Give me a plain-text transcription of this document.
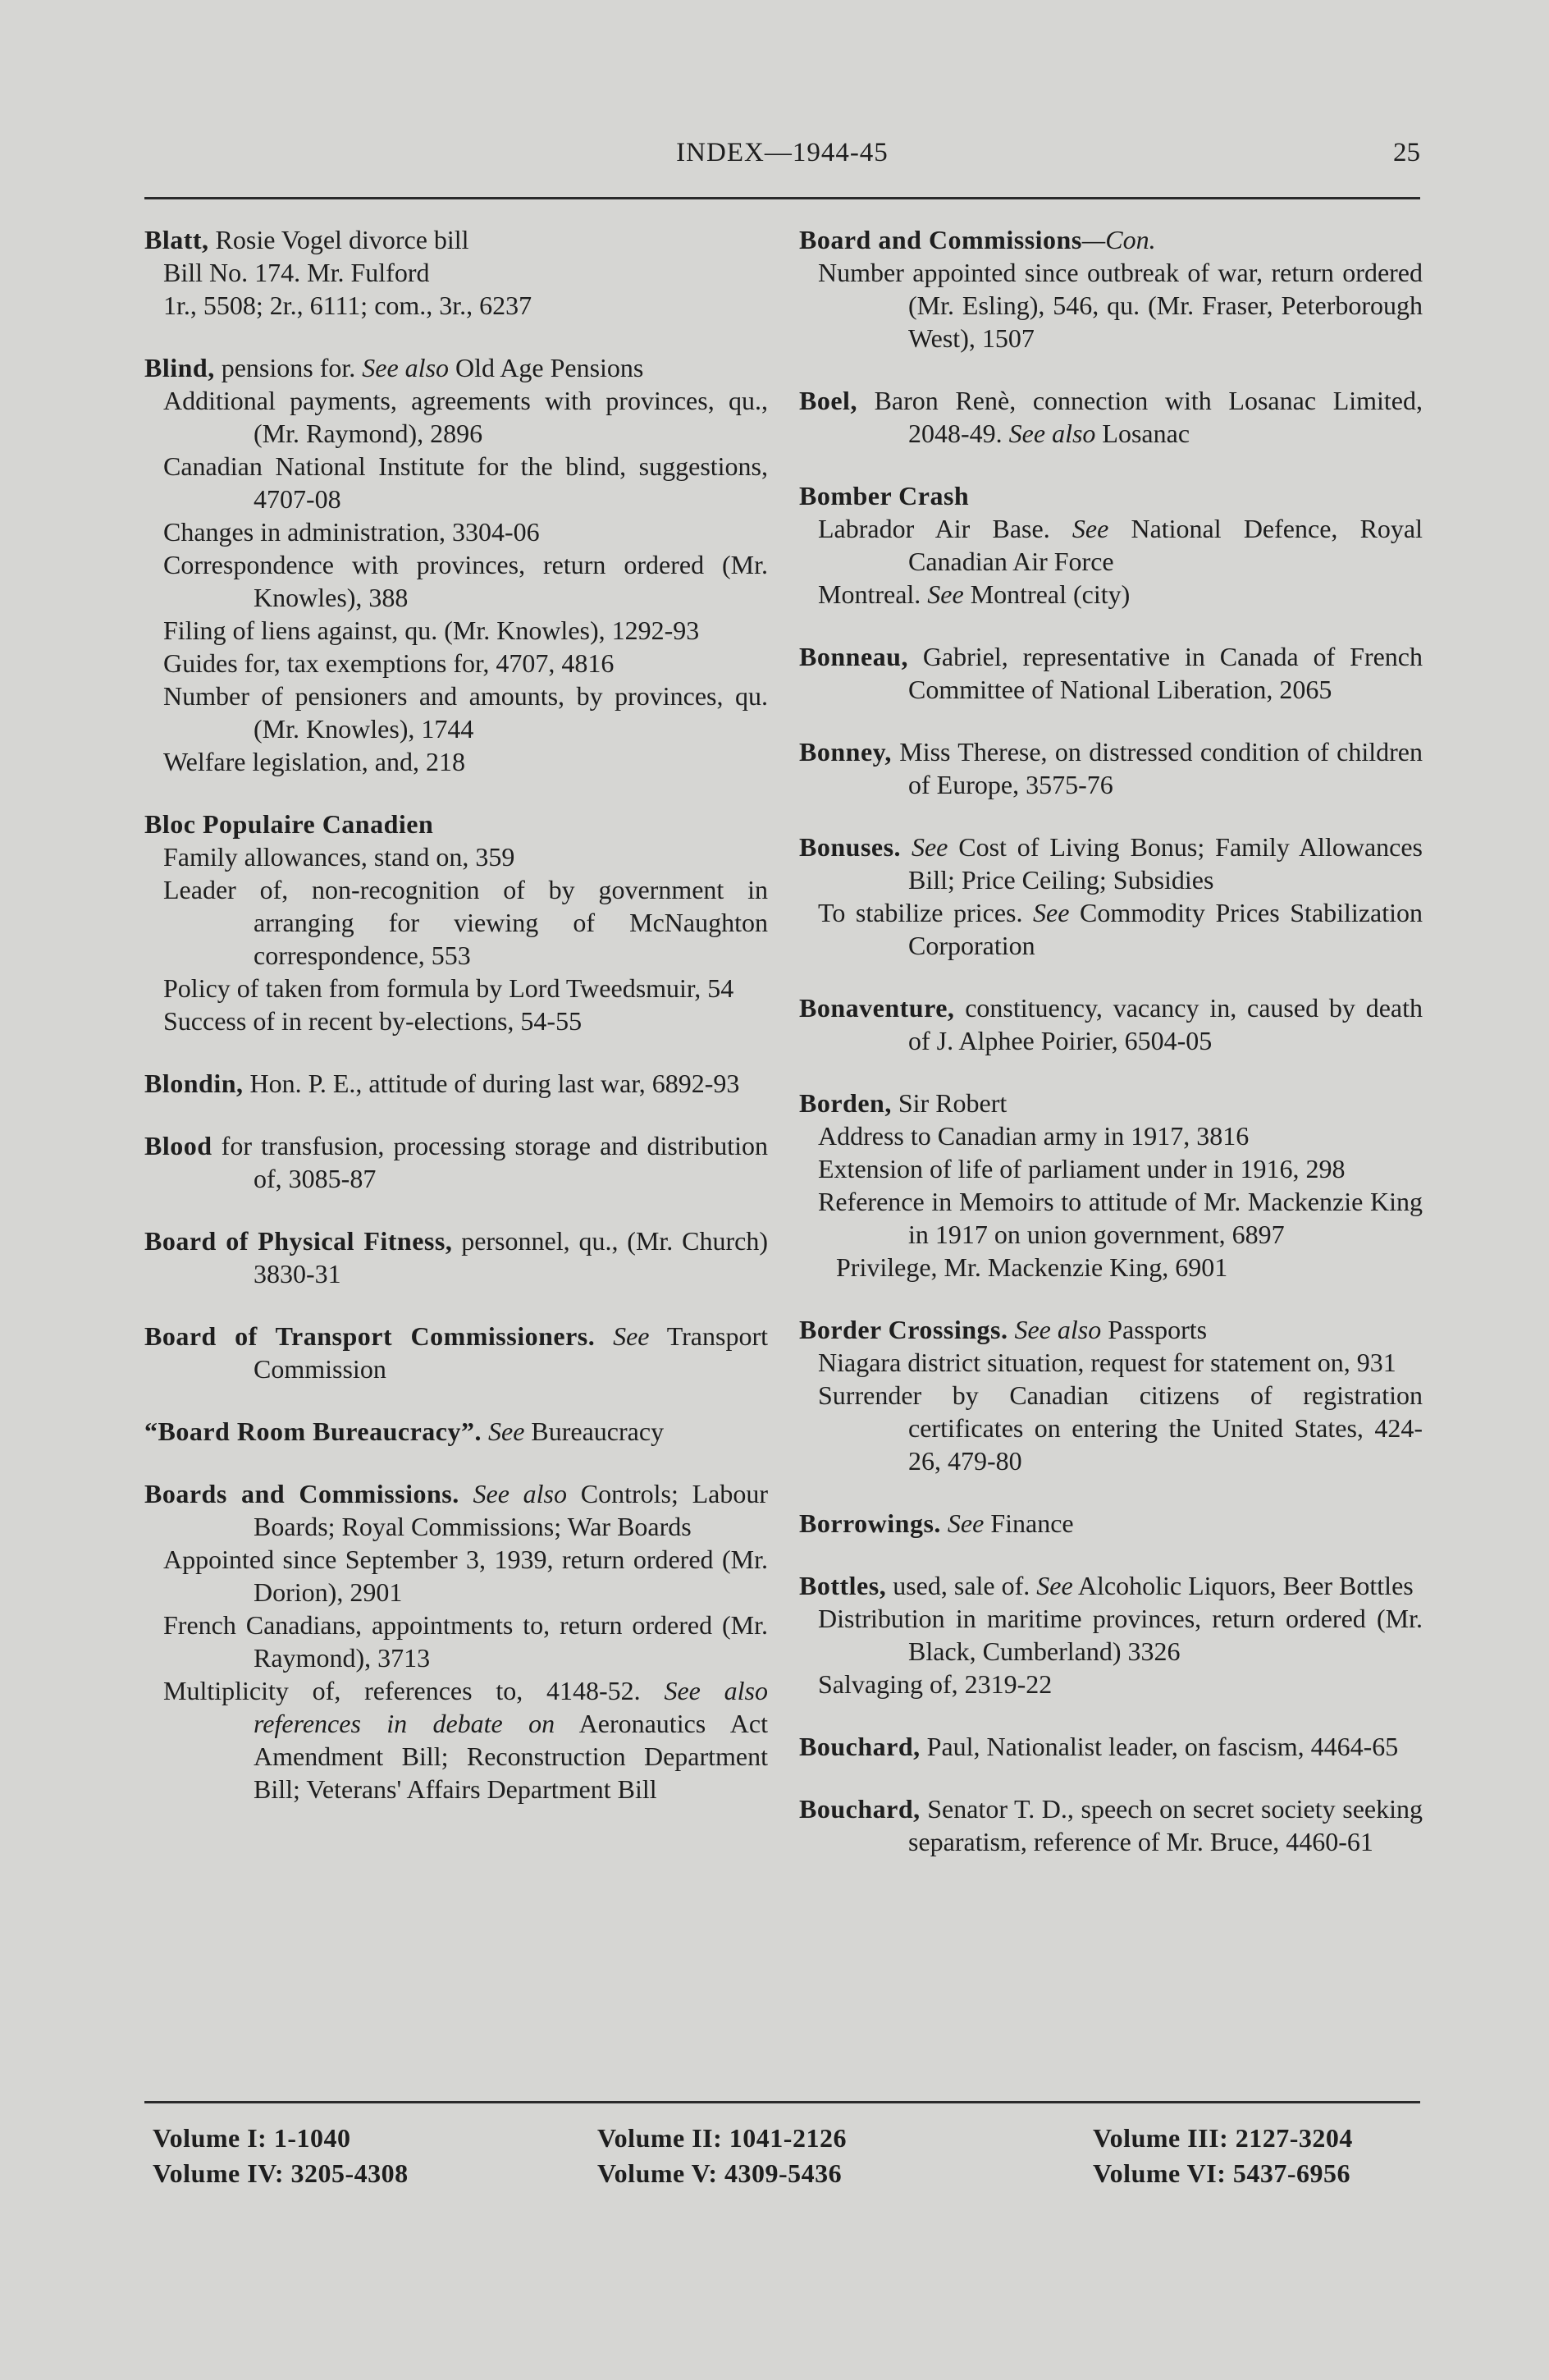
INDEX—1944-45	25
Blatt, Rosie Vogel divorce bill
Bill No. 174. Mr. Fulford
1r., 5508; 2r., 6111; com., 3r., 6237
Blind, pensions for. See also Old Age Pensions
Additional payments, agreements with provinces, qu., (Mr. Raymond), 2896
Canadian National Institute for the blind, suggestions, 4707-08
Changes in administration, 3304-06
Correspondence with provinces, return ordered (Mr. Knowles), 388
Filing of liens against, qu. (Mr. Knowles), 1292-93
Guides for, tax exemptions for, 4707, 4816
Number of pensioners and amounts, by provinces, qu. (Mr. Knowles), 1744
Welfare legislation, and, 218
Bloc Populaire Canadien
Family allowances, stand on, 359
Leader of, non-recognition of by government in arranging for viewing of McNaughton correspondence, 553
Policy of taken from formula by Lord Tweedsmuir, 54
Success of in recent by-elections, 54-55
Blondin, Hon. P. E., attitude of during last war, 6892-93
Blood for transfusion, processing storage and distribution of, 3085-87
Board of Physical Fitness, personnel, qu., (Mr. Church) 3830-31
Board of Transport Commissioners. See Transport Commission
“Board Room Bureaucracy”. See Bureaucracy
Boards and Commissions. See also Controls; Labour Boards; Royal Commissions; War Boards
Appointed since September 3, 1939, return ordered (Mr. Dorion), 2901
French Canadians, appointments to, return ordered (Mr. Raymond), 3713
Multiplicity of, references to, 4148-52. See also references in debate on Aeronautics Act Amendment Bill; Reconstruction Department Bill; Veterans' Affairs Department Bill
Board and Commissions—Con.
Number appointed since outbreak of war, return ordered (Mr. Esling), 546, qu. (Mr. Fraser, Peterborough West), 1507
Boel, Baron Renè, connection with Losanac Limited, 2048-49. See also Losanac
Bomber Crash
Labrador Air Base. See National Defence, Royal Canadian Air Force
Montreal. See Montreal (city)
Bonneau, Gabriel, representative in Canada of French Committee of National Liberation, 2065
Bonney, Miss Therese, on distressed condition of children of Europe, 3575-76
Bonuses. See Cost of Living Bonus; Family Allowances Bill; Price Ceiling; Subsidies
To stabilize prices. See Commodity Prices Stabilization Corporation
Bonaventure, constituency, vacancy in, caused by death of J. Alphee Poirier, 6504-05
Borden, Sir Robert
Address to Canadian army in 1917, 3816
Extension of life of parliament under in 1916, 298
Reference in Memoirs to attitude of Mr. Mackenzie King in 1917 on union government, 6897
Privilege, Mr. Mackenzie King, 6901
Border Crossings. See also Passports
Niagara district situation, request for statement on, 931
Surrender by Canadian citizens of registration certificates on entering the United States, 424-26, 479-80
Borrowings. See Finance
Bottles, used, sale of. See Alcoholic Liquors, Beer Bottles
Distribution in maritime provinces, return ordered (Mr. Black, Cumberland) 3326
Salvaging of, 2319-22
Bouchard, Paul, Nationalist leader, on fascism, 4464-65
Bouchard, Senator T. D., speech on secret society seeking separatism, reference of Mr. Bruce, 4460-61
Volume I: 1-1040
Volume IV: 3205-4308
Volume II: 1041-2126
Volume V: 4309-5436
Volume III: 2127-3204
Volume VI: 5437-6956
